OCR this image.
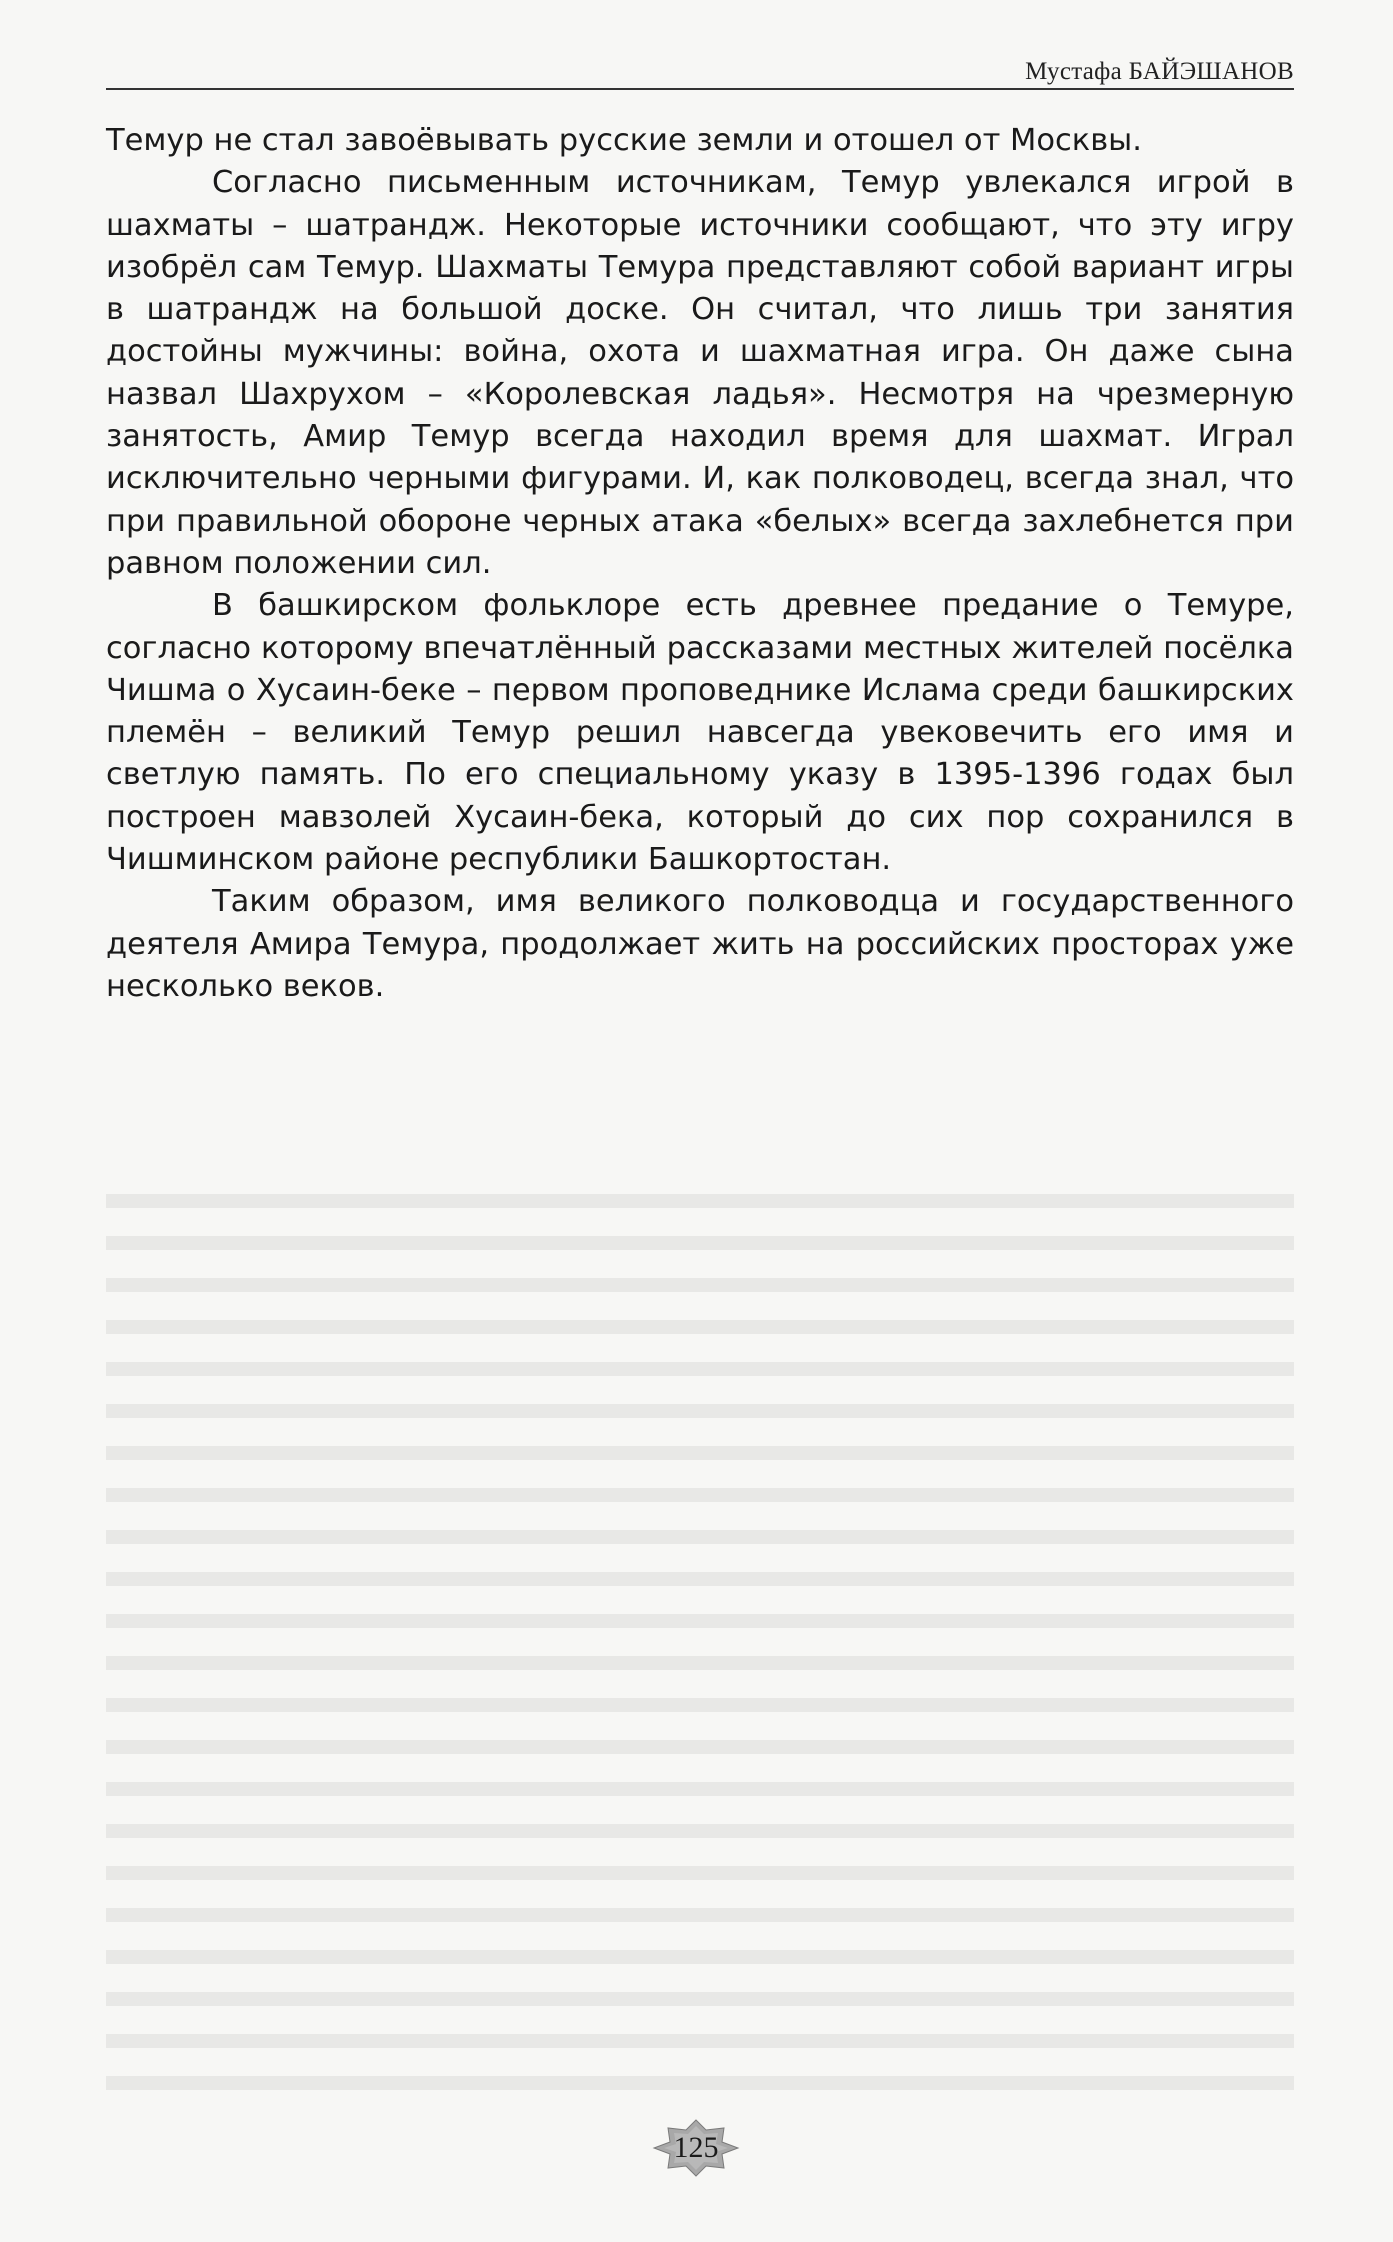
Мустафа БАЙЭШАНОВ

Темур не стал завоёвывать русские земли и отошел от Москвы.

Согласно письменным источникам, Темур увлекался игрой в шахматы – шатрандж. Некоторые источники сообщают, что эту игру изобрёл сам Темур. Шахматы Темура представляют собой вариант игры в шатрандж на большой доске. Он считал, что лишь три занятия достойны мужчины: война, охота и шахматная игра. Он даже сына назвал Шахрухом – «Королевская ладья». Несмотря на чрезмерную занятость, Амир Темур всегда находил время для шахмат. Играл исключительно черными фигурами. И, как полководец, всегда знал, что при правильной обороне черных атака «белых» всегда захлебнется при равном положении сил.

В башкирском фольклоре есть древнее предание о Темуре, согласно которому впечатлённый рассказами местных жителей посёлка Чишма о Хусаин-беке – первом проповеднике Ислама среди башкирских племён – великий Темур решил навсегда увековечить его имя и светлую память. По его специальному указу в 1395-1396 годах был построен мавзолей Хусаин-бека, который до сих пор сохранился в Чишминском районе республики Башкортостан.

Таким образом, имя великого полководца и государственного деятеля Амира Темура, продолжает жить на российских просторах уже несколько веков.

125
